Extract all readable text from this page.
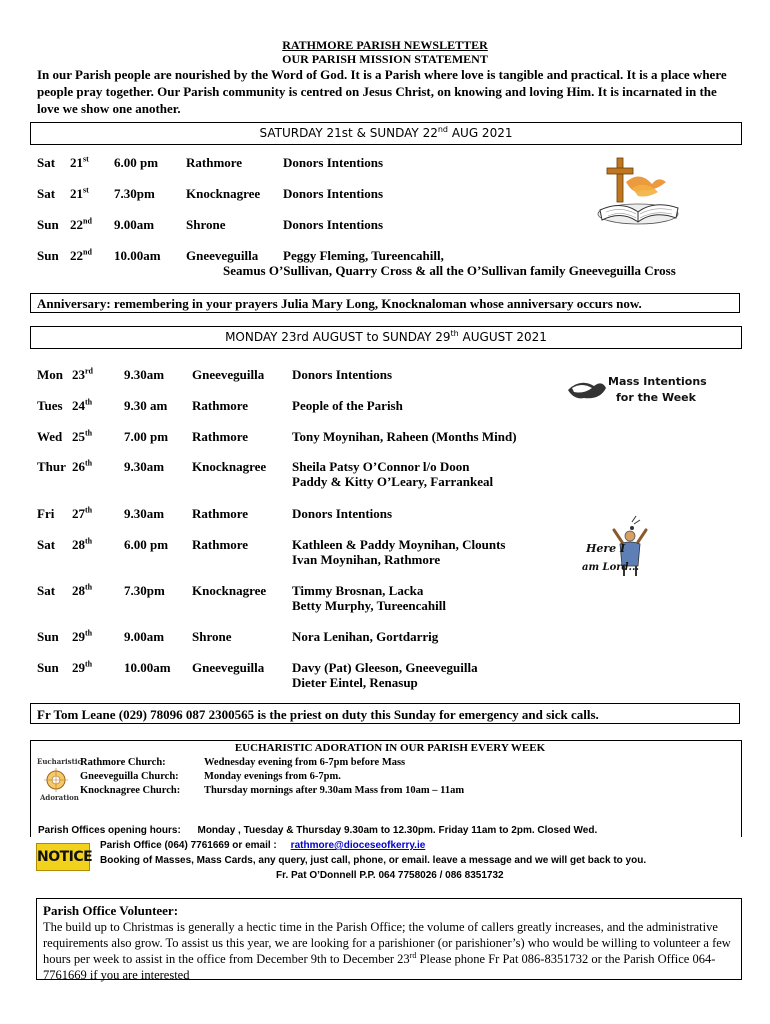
RATHMORE PARISH NEWSLETTER
OUR PARISH MISSION STATEMENT
In our Parish people are nourished by the Word of God. It is a Parish where love is tangible and practical. It is a place where people pray together. Our Parish community is centred on Jesus Christ, on knowing and loving Him. It is incarnated in the love we show one another.
SATURDAY 21st & SUNDAY 22nd AUG 2021
Sat 21st 6.00 pm Rathmore	Donors Intentions
Sat 21st 7.30pm Knocknagree Donors Intentions
Sun 22nd 9.00am Shrone	Donors Intentions
Sun 22nd 10.00am Gneeveguilla Peggy Fleming, Tureencahill,
Seamus O’Sullivan, Quarry Cross & all the O’Sullivan family Gneeveguilla Cross
Anniversary: remembering in your prayers Julia Mary Long, Knocknaloman whose anniversary occurs now.
MONDAY 23rd AUGUST to SUNDAY 29th AUGUST 2021
Mon 23rd 9.30am Gneeveguilla Donors Intentions
Tues 24th 9.30 am Rathmore	People of the Parish
Wed 25th 7.00 pm Rathmore	Tony Moynihan, Raheen (Months Mind)
Thur 26th 9.30am Knocknagree Sheila Patsy O’Connor l/o Doon
Paddy & Kitty O’Leary, Farrankeal
Fri 27th 9.30am Rathmore	Donors Intentions
Sat 28th 6.00 pm Rathmore	Kathleen & Paddy Moynihan, Clounts
Ivan Moynihan, Rathmore
Sat 28th 7.30pm Knocknagree Timmy Brosnan, Lacka
Betty Murphy, Tureencahill
Sun 29th 9.00am Shrone	Nora Lenihan, Gortdarrig
Sun 29th 10.00am Gneeveguilla Davy (Pat) Gleeson, Gneeveguilla
Dieter Eintel, Renasup
Mass Intentions
for the Week
Here I
am Lord...
Fr Tom Leane (029) 78096 087 2300565 is the priest on duty this Sunday for emergency and sick calls.
EUCHARISTIC ADORATION IN OUR PARISH EVERY WEEK
Eucharistic
Adoration
Rathmore Church:	Wednesday evening from 6-7pm before Mass
Gneeveguilla Church: Monday evenings from 6-7pm.
Knocknagree Church: Thursday mornings after 9.30am Mass from 10am – 11am
Parish Offices opening hours: Monday , Tuesday & Thursday 9.30am to 12.30pm. Friday 11am to 2pm. Closed Wed.
NOTICE
Parish Office (064) 7761669 or email : rathmore@dioceseofkerry.ie
Booking of Masses, Mass Cards, any query, just call, phone, or email. leave a message and we will get back to you.
Fr. Pat O’Donnell P.P. 064 7758026 / 086 8351732
Parish Office Volunteer:
The build up to Christmas is generally a hectic time in the Parish Office; the volume of callers greatly increases, and the administrative requirements also grow. To assist us this year, we are looking for a parishioner (or parishioner’s) who would be willing to volunteer a few hours per week to assist in the office from December 9th to December 23rd Please phone Fr Pat 086-8351732 or the Parish Office 064-7761669 if you are interested
